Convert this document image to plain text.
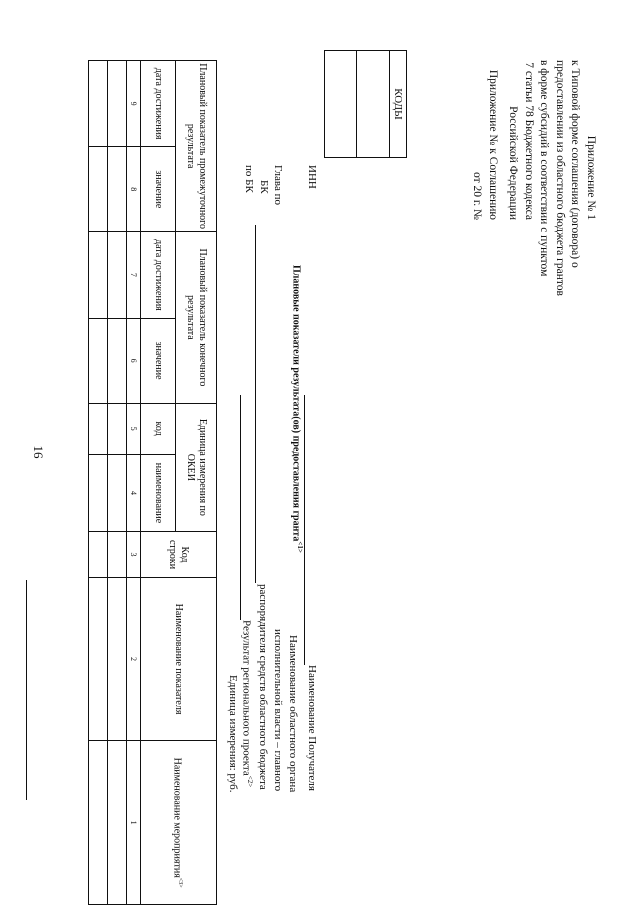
16
Приложение № 1
к Типовой форме соглашения (договора) о
предоставлении из областного бюджета грантов
в форме субсидий в соответствии с пунктом
7 статьи 78 Бюджетного кодекса
Российской Федерации
Приложение № к Соглашению
от 20 г. №
КОДЫ
Плановые показатели результата(ов) предоставления гранта$^{<1>}$
Наименование Получателя
Наименование областного органа
исполнительной власти – главного
распорядителя средств областного бюджета
Результат регионального проекта$^{<2>}$
Единица измерения: руб.
ИНН
Глава по
БК
по БК
Плановый показатель промежуточного результата		Плановый показатель конечного результата		Единица измерения по ОКЕИ		Код строки	Наименование показателя	Наименование мероприятия$^{<3>}$
дата достижения	значение	дата достижения	значение	код	наименование			
9	8	7	6	5	4	3	2	1
